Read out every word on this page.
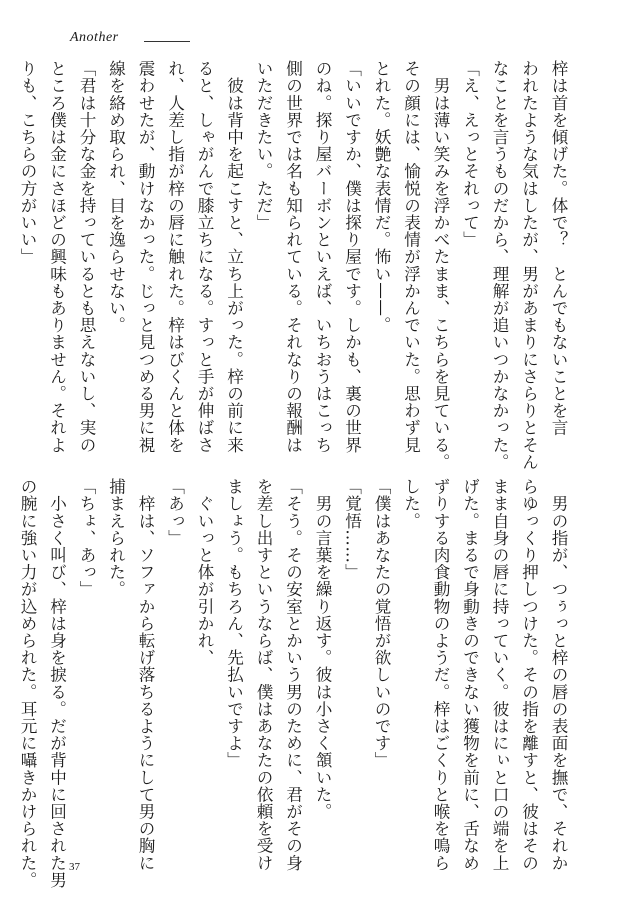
Another
梓は首を傾げた。体で？　とんでもないことを言
われたような気はしたが、男があまりにさらりとそん
なことを言うものだから、理解が追いつかなかった。
「え、えっとそれって」
　男は薄い笑みを浮かべたまま、こちらを見ている。
その顔には、愉悦の表情が浮かんでいた。思わず見
とれた。妖艶な表情だ。怖い——。
「いいですか、僕は探り屋です。しかも、裏の世界
のね。探り屋バーボンといえば、いちおうはこっち
側の世界では名も知られている。それなりの報酬は
いただきたい。ただ」
　彼は背中を起こすと、立ち上がった。梓の前に来
ると、しゃがんで膝立ちになる。すっと手が伸ばさ
れ、人差し指が梓の唇に触れた。梓はびくんと体を
震わせたが、動けなかった。じっと見つめる男に視
線を絡め取られ、目を逸らせない。
「君は十分な金を持っているとも思えないし、実の
ところ僕は金にさほどの興味もありません。それよ
りも、こちらの方がいい」
　男の指が、つぅっと梓の唇の表面を撫で、それか
らゆっくり押しつけた。その指を離すと、彼はその
まま自身の唇に持っていく。彼はにぃと口の端を上
げた。まるで身動きのできない獲物を前に、舌なめ
ずりする肉食動物のようだ。梓はごくりと喉を鳴ら
した。
「僕はあなたの覚悟が欲しいのです」
「覚悟……」
　男の言葉を繰り返す。彼は小さく頷いた。
「そう。その安室とかいう男のために、君がその身
を差し出すというならば、僕はあなたの依頼を受け
ましょう。もちろん、先払いですよ」
　ぐいっと体が引かれ、
「あっ」
　梓は、ソファから転げ落ちるようにして男の胸に
捕まえられた。
「ちょ、あっ」
　小さく叫び、梓は身を捩る。だが背中に回された男
の腕に強い力が込められた。耳元に囁きかけられた。	37
